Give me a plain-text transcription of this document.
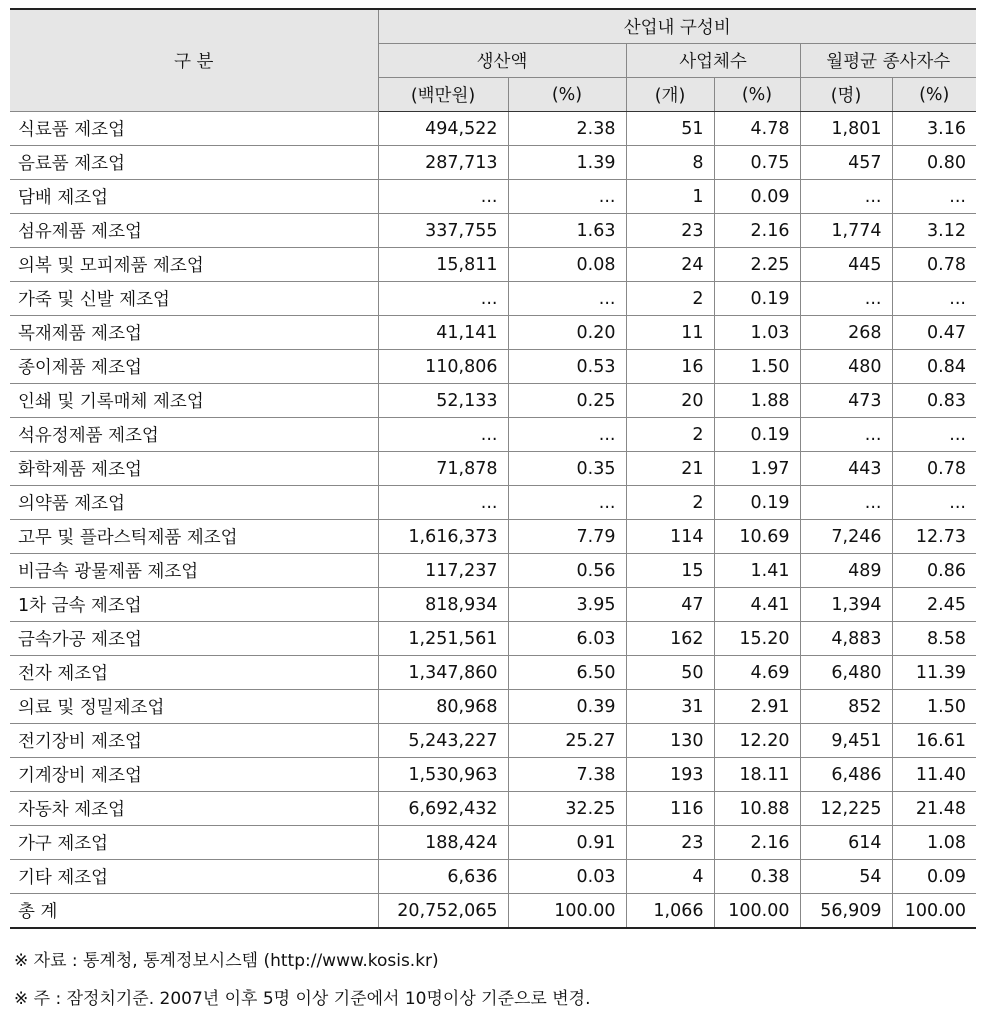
구 분	산업내 구성비					
	생산액		사업체수		월평균 종사자수	
	(백만원)	(%)	(개)	(%)	(명)	(%)
식료품 제조업	494,522	2.38	51	4.78	1,801	3.16
음료품 제조업	287,713	1.39	8	0.75	457	0.80
담배 제조업	...	...	1	0.09	...	...
섬유제품 제조업	337,755	1.63	23	2.16	1,774	3.12
의복 및 모피제품 제조업	15,811	0.08	24	2.25	445	0.78
가죽 및 신발 제조업	...	...	2	0.19	...	...
목재제품 제조업	41,141	0.20	11	1.03	268	0.47
종이제품 제조업	110,806	0.53	16	1.50	480	0.84
인쇄 및 기록매체 제조업	52,133	0.25	20	1.88	473	0.83
석유정제품 제조업	...	...	2	0.19	...	...
화학제품 제조업	71,878	0.35	21	1.97	443	0.78
의약품 제조업	...	...	2	0.19	...	...
고무 및 플라스틱제품 제조업	1,616,373	7.79	114	10.69	7,246	12.73
비금속 광물제품 제조업	117,237	0.56	15	1.41	489	0.86
1차 금속 제조업	818,934	3.95	47	4.41	1,394	2.45
금속가공 제조업	1,251,561	6.03	162	15.20	4,883	8.58
전자 제조업	1,347,860	6.50	50	4.69	6,480	11.39
의료 및 정밀제조업	80,968	0.39	31	2.91	852	1.50
전기장비 제조업	5,243,227	25.27	130	12.20	9,451	16.61
기계장비 제조업	1,530,963	7.38	193	18.11	6,486	11.40
자동차 제조업	6,692,432	32.25	116	10.88	12,225	21.48
가구 제조업	188,424	0.91	23	2.16	614	1.08
기타 제조업	6,636	0.03	4	0.38	54	0.09
총 계	20,752,065	100.00	1,066	100.00	56,909	100.00
※ 자료 : 통계청, 통계정보시스템 (http://www.kosis.kr)
※ 주 : 잠정치기준. 2007년 이후 5명 이상 기준에서 10명이상 기준으로 변경.
